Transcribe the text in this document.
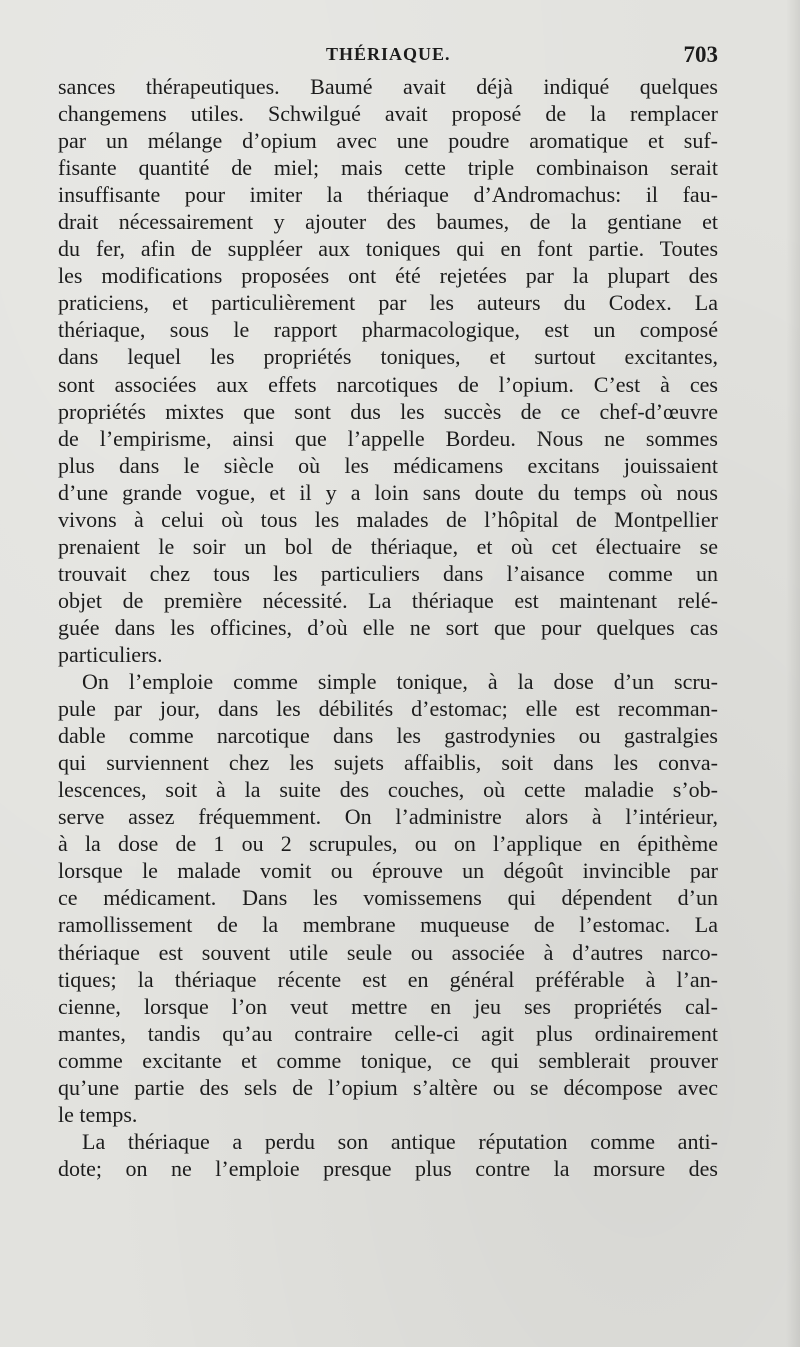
THÉRIAQUE.	703
sances thérapeutiques. Baumé avait déjà indiqué quelques
changemens utiles. Schwilgué avait proposé de la remplacer
par un mélange d’opium avec une poudre aromatique et suf-
fisante quantité de miel; mais cette triple combinaison serait
insuffisante pour imiter la thériaque d’Andromachus: il fau-
drait nécessairement y ajouter des baumes, de la gentiane et
du fer, afin de suppléer aux toniques qui en font partie. Toutes
les modifications proposées ont été rejetées par la plupart des
praticiens, et particulièrement par les auteurs du Codex. La
thériaque, sous le rapport pharmacologique, est un composé
dans lequel les propriétés toniques, et surtout excitantes,
sont associées aux effets narcotiques de l’opium. C’est à ces
propriétés mixtes que sont dus les succès de ce chef-d’œuvre
de l’empirisme, ainsi que l’appelle Bordeu. Nous ne sommes
plus dans le siècle où les médicamens excitans jouissaient
d’une grande vogue, et il y a loin sans doute du temps où nous
vivons à celui où tous les malades de l’hôpital de Montpellier
prenaient le soir un bol de thériaque, et où cet électuaire se
trouvait chez tous les particuliers dans l’aisance comme un
objet de première nécessité. La thériaque est maintenant relé-
guée dans les officines, d’où elle ne sort que pour quelques cas
particuliers.
On l’emploie comme simple tonique, à la dose d’un scru-
pule par jour, dans les débilités d’estomac; elle est recomman-
dable comme narcotique dans les gastrodynies ou gastralgies
qui surviennent chez les sujets affaiblis, soit dans les conva-
lescences, soit à la suite des couches, où cette maladie s’ob-
serve assez fréquemment. On l’administre alors à l’intérieur,
à la dose de 1 ou 2 scrupules, ou on l’applique en épithème
lorsque le malade vomit ou éprouve un dégoût invincible par
ce médicament. Dans les vomissemens qui dépendent d’un
ramollissement de la membrane muqueuse de l’estomac. La
thériaque est souvent utile seule ou associée à d’autres narco-
tiques; la thériaque récente est en général préférable à l’an-
cienne, lorsque l’on veut mettre en jeu ses propriétés cal-
mantes, tandis qu’au contraire celle-ci agit plus ordinairement
comme excitante et comme tonique, ce qui semblerait prouver
qu’une partie des sels de l’opium s’altère ou se décompose avec
le temps.
La thériaque a perdu son antique réputation comme anti-
dote; on ne l’emploie presque plus contre la morsure des
